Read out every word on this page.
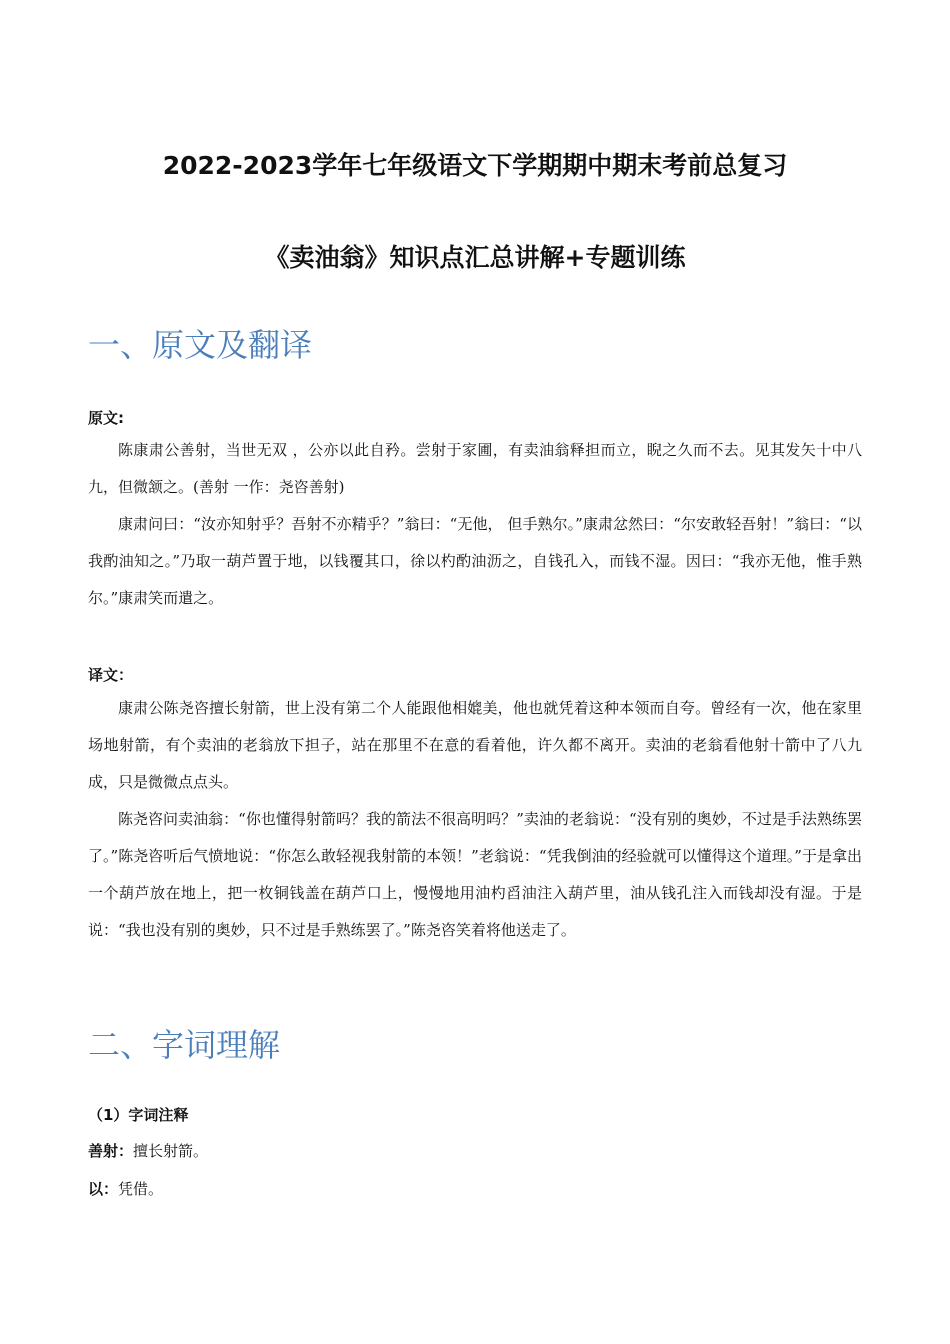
2022-2023学年七年级语文下学期期中期末考前总复习
《卖油翁》知识点汇总讲解+专题训练
一、原文及翻译
原文:

陈康肃公善射，当世无双 ，公亦以此自矜。尝射于家圃，有卖油翁释担而立，睨之久而不去。见其发矢十中八九，但微颔之。(善射 一作：尧咨善射)

康肃问曰：“汝亦知射乎？吾射不亦精乎？”翁曰：“无他， 但手熟尔。”康肃忿然曰：“尔安敢轻吾射！”翁曰：“以我酌油知之。”乃取一葫芦置于地，以钱覆其口，徐以杓酌油沥之，自钱孔入，而钱不湿。因曰：“我亦无他，惟手熟尔。”康肃笑而遣之。

译文：

康肃公陈尧咨擅长射箭，世上没有第二个人能跟他相媲美，他也就凭着这种本领而自夸。曾经有一次，他在家里场地射箭，有个卖油的老翁放下担子，站在那里不在意的看着他，许久都不离开。卖油的老翁看他射十箭中了八九成，只是微微点点头。

陈尧咨问卖油翁：“你也懂得射箭吗？我的箭法不很高明吗？”卖油的老翁说：“没有别的奥妙，不过是手法熟练罢了。”陈尧咨听后气愤地说：“你怎么敢轻视我射箭的本领！”老翁说：“凭我倒油的经验就可以懂得这个道理。”于是拿出一个葫芦放在地上，把一枚铜钱盖在葫芦口上，慢慢地用油杓舀油注入葫芦里，油从钱孔注入而钱却没有湿。于是说：“我也没有别的奥妙，只不过是手熟练罢了。”陈尧咨笑着将他送走了。

二、字词理解
（1）字词注释
善射：擅长射箭。
以：凭借。
